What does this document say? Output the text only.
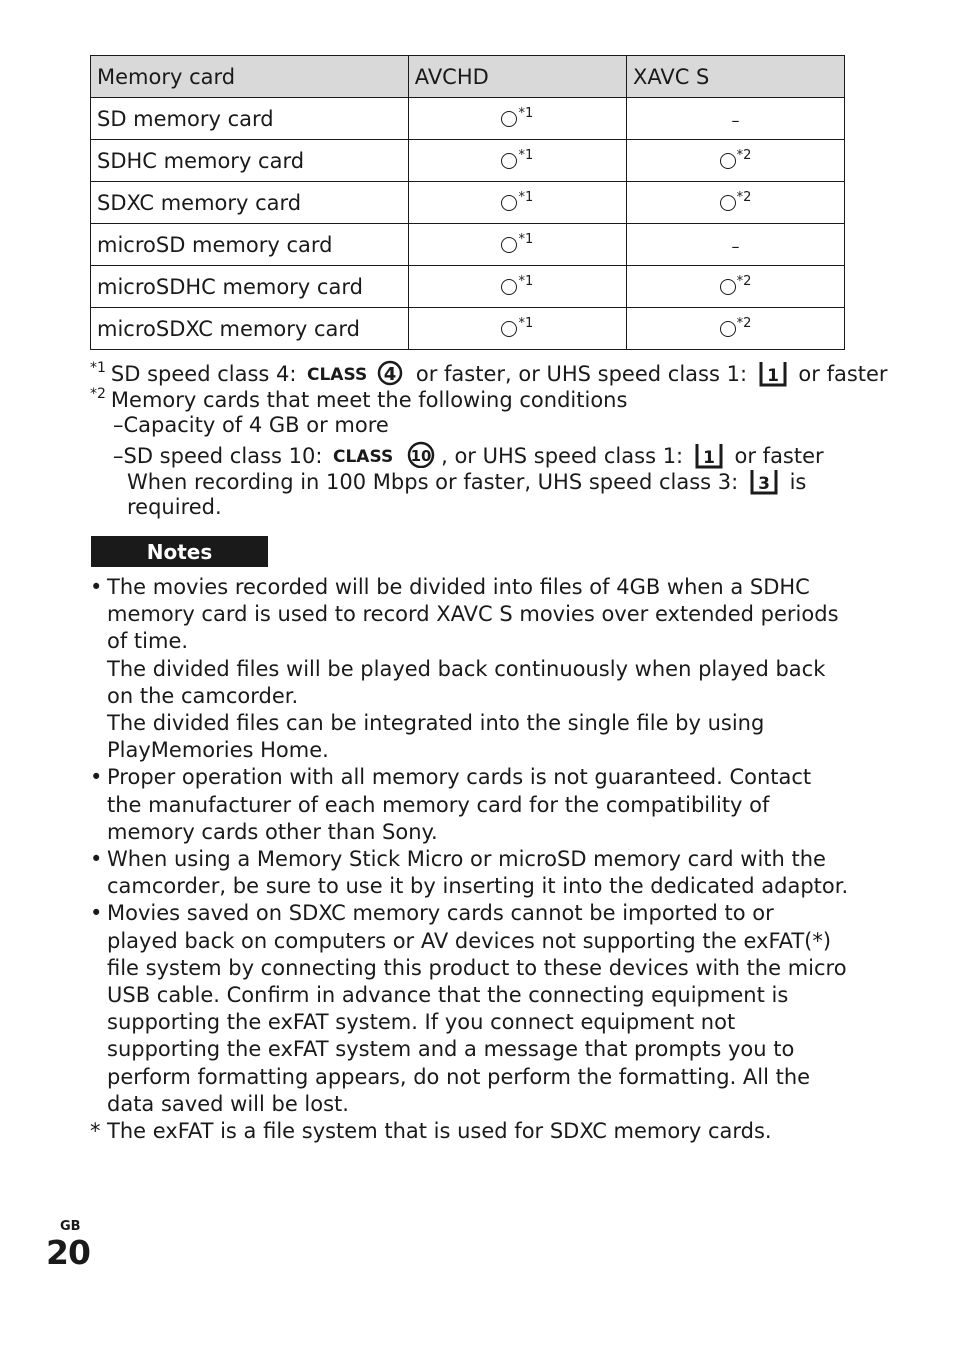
Memory card	AVCHD	XAVC S
SD memory card	$^{*1}$	–
SDHC memory card	$^{*1}$	$^{*2}$
SDXC memory card	$^{*1}$	$^{*2}$
microSD memory card	$^{*1}$	–
microSDHC memory card	$^{*1}$	$^{*2}$
microSDXC memory card	$^{*1}$	$^{*2}$
$^{*1}$ SD speed class 4: CLASS 4 or faster, or UHS speed class 1: 1 or faster
$^{*2}$ Memory cards that meet the following conditions
–Capacity of 4 GB or more
–SD speed class 10: CLASS 10 , or UHS speed class 1: 1 or faster
When recording in 100 Mbps or faster, UHS speed class 3: 3 is
required.
Notes
• The movies recorded will be divided into files of 4GB when a SDHC memory card is used to record XAVC S movies over extended periods of time.

The divided files will be played back continuously when played back on the camcorder.

The divided files can be integrated into the single file by using PlayMemories Home.

• Proper operation with all memory cards is not guaranteed. Contact the manufacturer of each memory card for the compatibility of memory cards other than Sony.

• When using a Memory Stick Micro or microSD memory card with the camcorder, be sure to use it by inserting it into the dedicated adaptor.

• Movies saved on SDXC memory cards cannot be imported to or played back on computers or AV devices not supporting the exFAT(*) file system by connecting this product to these devices with the micro USB cable. Confirm in advance that the connecting equipment is supporting the exFAT system. If you connect equipment not supporting the exFAT system and a message that prompts you to perform formatting appears, do not perform the formatting. All the data saved will be lost.

* The exFAT is a file system that is used for SDXC memory cards.

GB
20
